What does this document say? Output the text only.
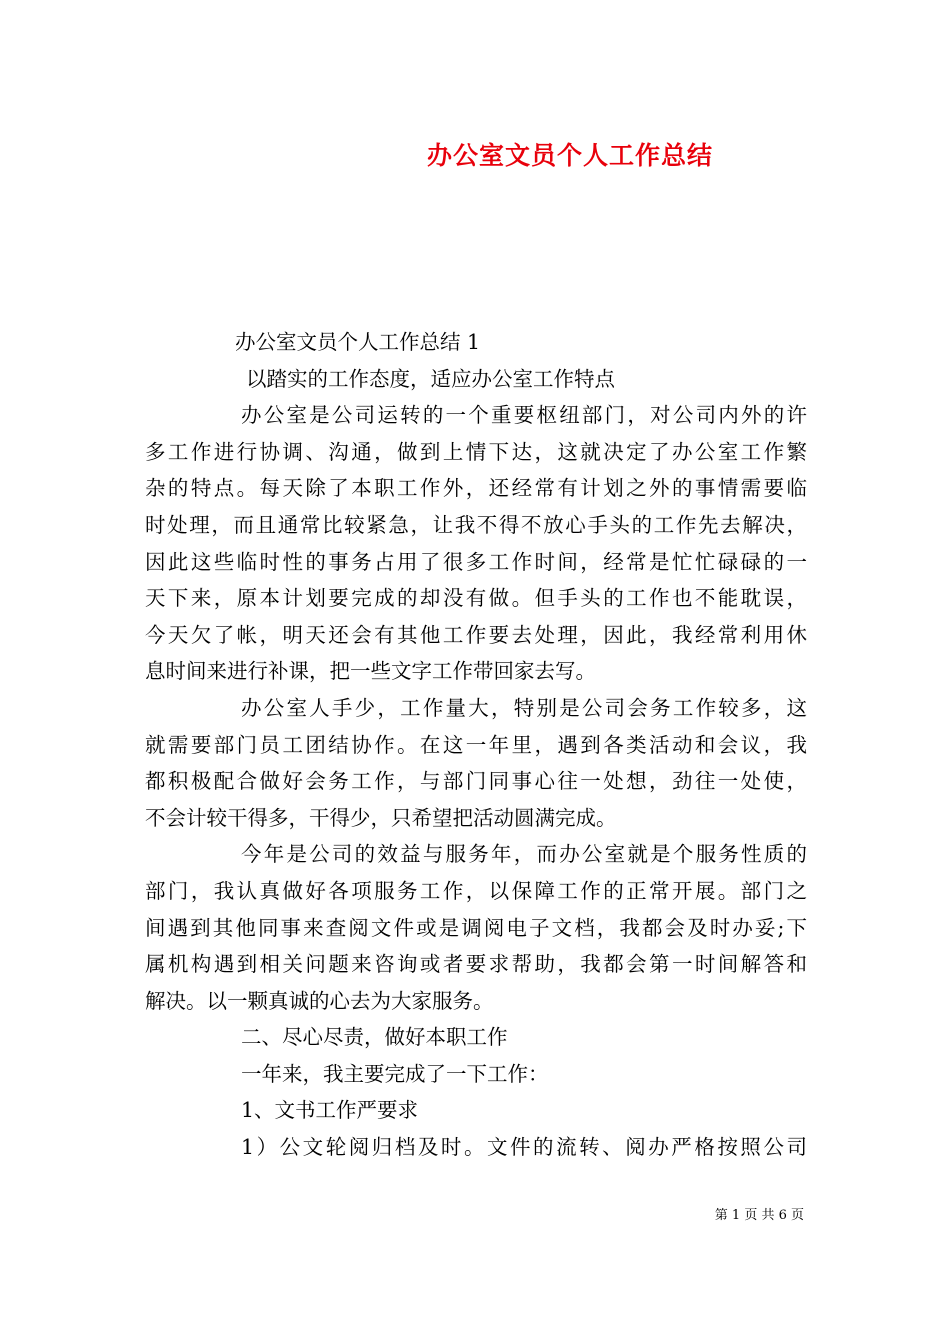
办公室文员个人工作总结
办公室文员个人工作总结 1
以踏实的工作态度，适应办公室工作特点
办公室是公司运转的一个重要枢纽部门，对公司内外的许
多工作进行协调、沟通，做到上情下达，这就决定了办公室工作繁
杂的特点。每天除了本职工作外，还经常有计划之外的事情需要临
时处理，而且通常比较紧急，让我不得不放心手头的工作先去解决，
因此这些临时性的事务占用了很多工作时间，经常是忙忙碌碌的一
天下来，原本计划要完成的却没有做。但手头的工作也不能耽误，
今天欠了帐，明天还会有其他工作要去处理，因此，我经常利用休
息时间来进行补课，把一些文字工作带回家去写。
办公室人手少，工作量大，特别是公司会务工作较多，这
就需要部门员工团结协作。在这一年里，遇到各类活动和会议，我
都积极配合做好会务工作，与部门同事心往一处想，劲往一处使，
不会计较干得多，干得少，只希望把活动圆满完成。
今年是公司的效益与服务年，而办公室就是个服务性质的
部门，我认真做好各项服务工作，以保障工作的正常开展。部门之
间遇到其他同事来查阅文件或是调阅电子文档，我都会及时办妥;下
属机构遇到相关问题来咨询或者要求帮助，我都会第一时间解答和
解决。以一颗真诚的心去为大家服务。
二、尽心尽责，做好本职工作
一年来，我主要完成了一下工作：
1、文书工作严要求
1）公文轮阅归档及时。文件的流转、阅办严格按照公司
第 1 页 共 6 页
